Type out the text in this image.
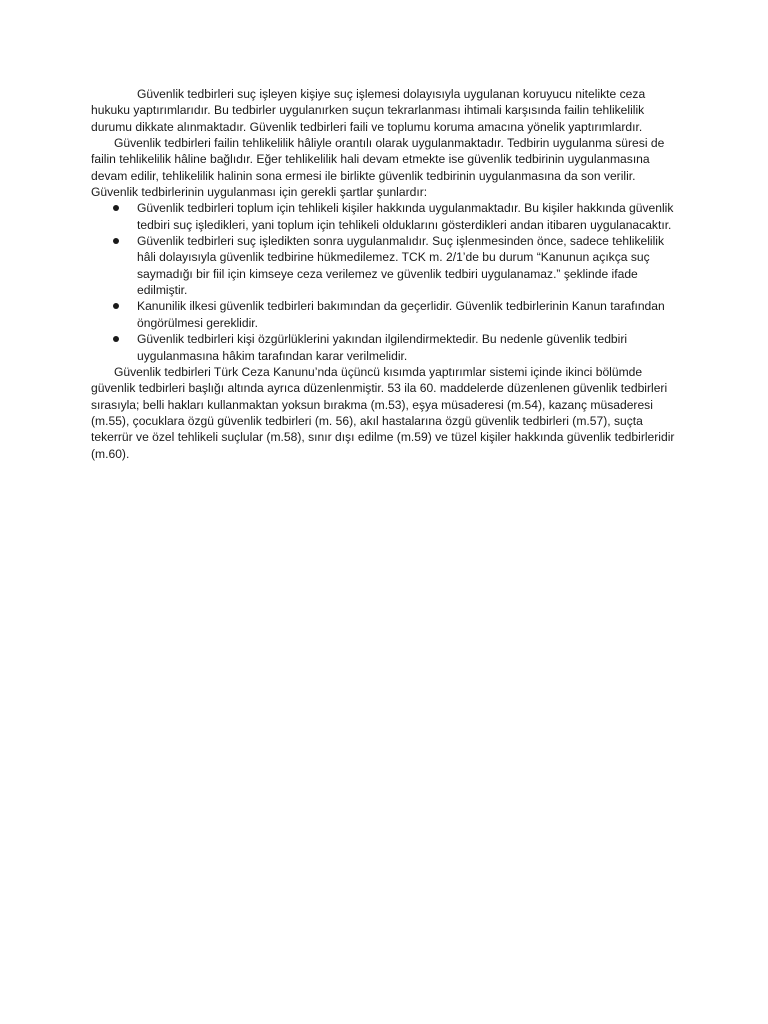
Güvenlik tedbirleri suç işleyen kişiye suç işlemesi dolayısıyla uygulanan koruyucu nitelikte ceza hukuku yaptırımlarıdır. Bu tedbirler uygulanırken suçun tekrarlanması ihtimali karşısında failin tehlikelilik durumu dikkate alınmaktadır. Güvenlik tedbirleri faili ve toplumu koruma amacına yönelik yaptırımlardır.

Güvenlik tedbirleri failin tehlikelilik hâliyle orantılı olarak uygulanmaktadır. Tedbirin uygulanma süresi de failin tehlikelilik hâline bağlıdır. Eğer tehlikelilik hali devam etmekte ise güvenlik tedbirinin uygulanmasına devam edilir, tehlikelilik halinin sona ermesi ile birlikte güvenlik tedbirinin uygulanmasına da son verilir. Güvenlik tedbirlerinin uygulanması için gerekli şartlar şunlardır:

Güvenlik tedbirleri toplum için tehlikeli kişiler hakkında uygulanmaktadır. Bu kişiler hakkında güvenlik tedbiri suç işledikleri, yani toplum için tehlikeli olduklarını gösterdikleri andan itibaren uygulanacaktır.
Güvenlik tedbirleri suç işledikten sonra uygulanmalıdır. Suç işlenmesinden önce, sadece tehlikelilik hâli dolayısıyla güvenlik tedbirine hükmedilemez. TCK m. 2/1’de bu durum “Kanunun açıkça suç saymadığı bir fiil için kimseye ceza verilemez ve güvenlik tedbiri uygulanamaz.” şeklinde ifade edilmiştir.
Kanunilik ilkesi güvenlik tedbirleri bakımından da geçerlidir. Güvenlik tedbirlerinin Kanun tarafından öngörülmesi gereklidir.
Güvenlik tedbirleri kişi özgürlüklerini yakından ilgilendirmektedir. Bu nedenle güvenlik tedbiri uygulanmasına hâkim tarafından karar verilmelidir.

Güvenlik tedbirleri Türk Ceza Kanunu’nda üçüncü kısımda yaptırımlar sistemi içinde ikinci bölümde güvenlik tedbirleri başlığı altında ayrıca düzenlenmiştir. 53 ila 60. maddelerde düzenlenen güvenlik tedbirleri sırasıyla; belli hakları kullanmaktan yoksun bırakma (m.53), eşya müsaderesi (m.54), kazanç müsaderesi (m.55), çocuklara özgü güvenlik tedbirleri (m. 56), akıl hastalarına özgü güvenlik tedbirleri (m.57), suçta tekerrür ve özel tehlikeli suçlular (m.58), sınır dışı edilme (m.59) ve tüzel kişiler hakkında güvenlik tedbirleridir (m.60).
